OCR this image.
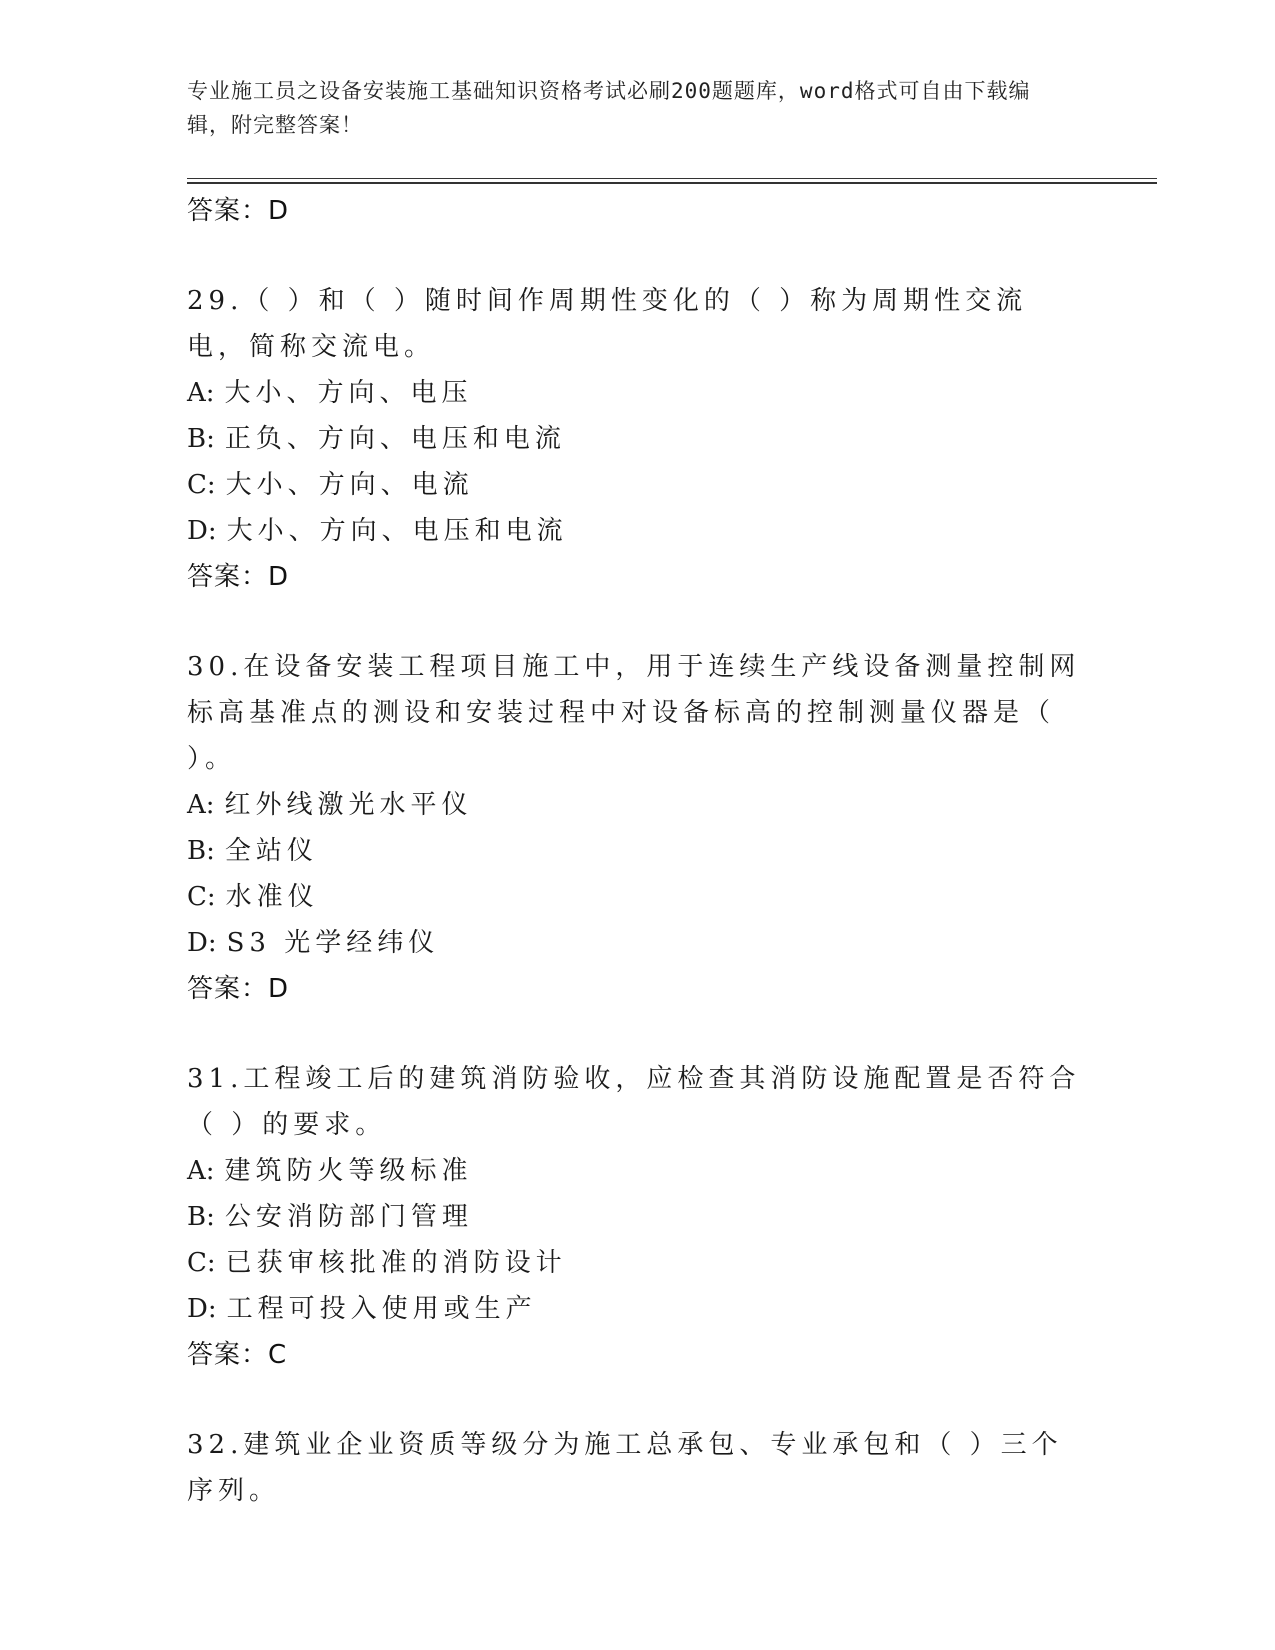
专业施工员之设备安装施工基础知识资格考试必刷200题题库，word格式可自由下载编辑，附完整答案！
答案：D
29.（ ）和（ ）随时间作周期性变化的（ ）称为周期性交流电，简称交流电。
A: 大小、方向、电压
B: 正负、方向、电压和电流
C: 大小、方向、电流
D: 大小、方向、电压和电流
答案：D
30.在设备安装工程项目施工中，用于连续生产线设备测量控制网标高基准点的测设和安装过程中对设备标高的控制测量仪器是（ ）。
A: 红外线激光水平仪
B: 全站仪
C: 水准仪
D: S3 光学经纬仪
答案：D
31.工程竣工后的建筑消防验收，应检查其消防设施配置是否符合（ ）的要求。
A: 建筑防火等级标准
B: 公安消防部门管理
C: 已获审核批准的消防设计
D: 工程可投入使用或生产
答案：C
32.建筑业企业资质等级分为施工总承包、专业承包和（ ）三个序列。
